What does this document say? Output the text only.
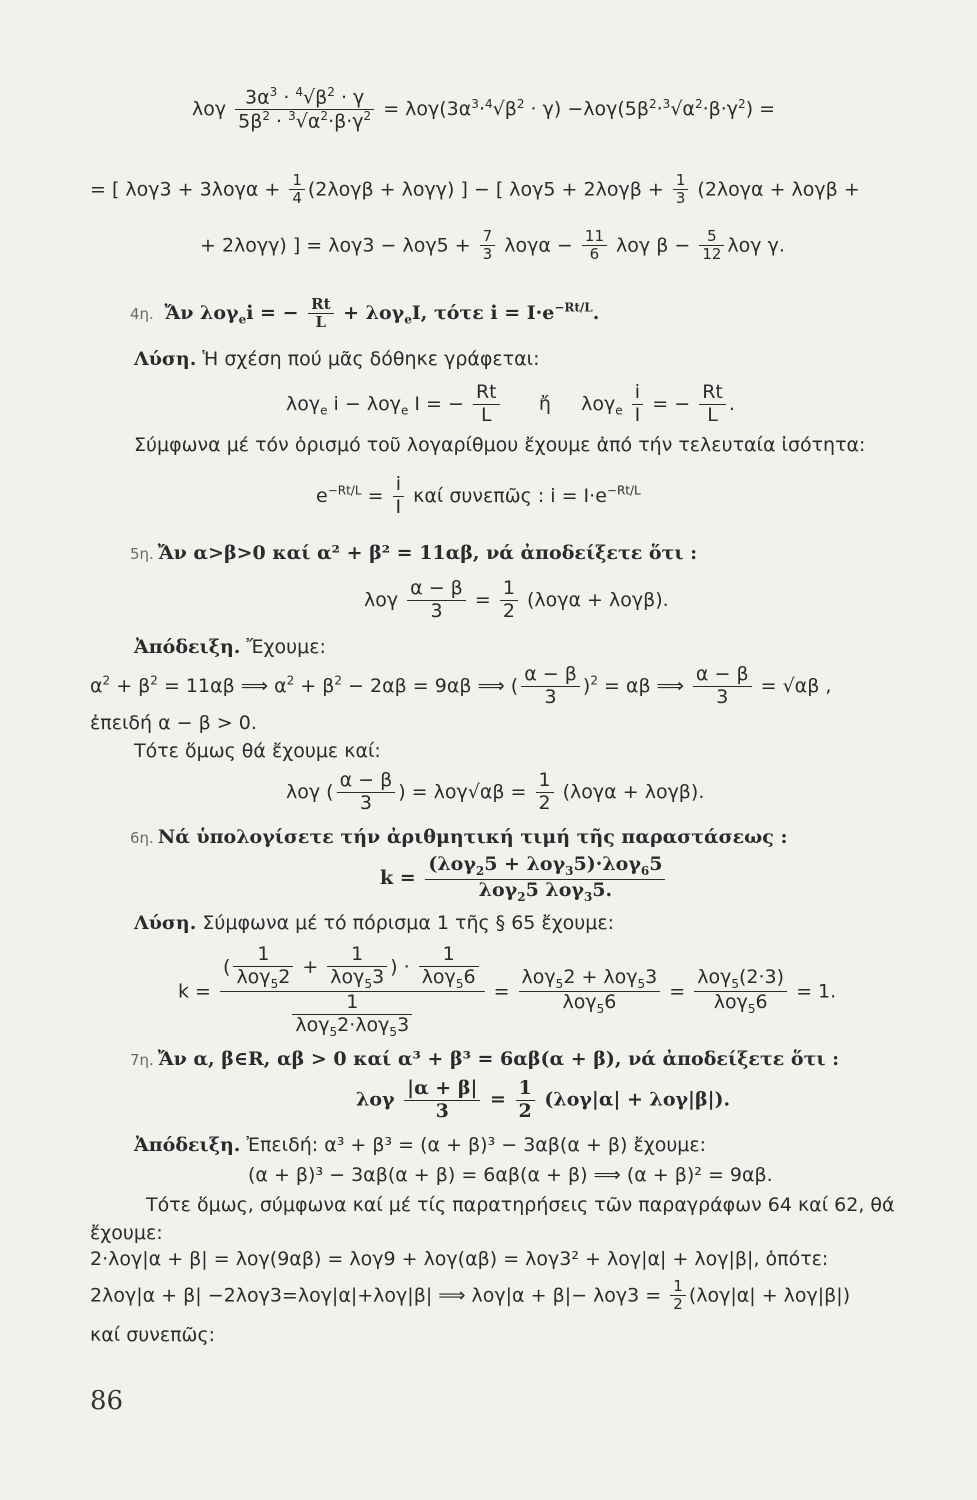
λογ $\frac{3\alpha^3 \cdot ^4√\beta^2 \cdot \gamma}{5\beta^2 \cdot ^3√\alpha^2\cdot\beta\cdot\gamma^2} = \lambda o\gamma(3\alpha^3\cdot^4√\beta^2 \cdot \gamma) -\lambda o\gamma(5\beta^2\cdot^3√\alpha^2\cdot\beta\cdot\gamma^2)$ =
= [ $\lambda o\gamma 3 + 3\lambda o\gamma\alpha + \frac{1}{4} (2\lambda o\gamma\beta + \lambda o\gamma\gamma)$ ] − [ $\lambda o\gamma 5 + 2\lambda o\gamma\beta + \frac{1}{3} (2\lambda o\gamma\alpha + \lambda o\gamma\beta$ +
+ 2λογγ) ] = $\lambda o\gamma 3 - \lambda o\gamma 5 + \frac{7}{3}$ $\lambda o\gamma\alpha - \frac{11}{6}$ λογ $\beta - \frac{5}{12}$ λογ γ.
4η. Ἄν λογ$_e$i = − $\frac{Rt}{L} + \lambda o\gamma_eI$, τότε $i = I\cdot e^{-Rt/L}$.
Λύση. Ἡ σχέση πού μᾶς δόθηκε γράφεται:
λογ$_e$ i − λογ$_e$ I = − $\frac{Rt}{L}$ ἤ     $\lambda o\gamma_e \frac{i}{I}$ = − $\frac{Rt}{L}$ .
Σύμφωνα μέ τόν ὁρισμό τοῦ λογαρίθμου ἔχουμε ἀπό τήν τελευταία ἰσότητα:
$e^{-Rt/L} = \frac{i}{I}$ καί συνεπῶς : $i = I\cdot e^{-Rt/L}$
5η. Ἄν α>β>0 καί α² + β² = 11αβ, νά ἀποδείξετε ὅτι :
λογ $\frac{\alpha - \beta}{3} = \frac{1}{2} (\lambda o\gamma\alpha + \lambda o\gamma\beta)$.
Ἀπόδειξη. Ἔχουμε:
$\alpha^2 + \beta^2 = 11\alpha\beta$ ⟹ $\alpha^2 + \beta^2 - 2\alpha\beta = 9\alpha\beta$ ⟹ ( $\frac{\alpha - \beta}{3} )^2 = \alpha\beta$ ⟹ $\frac{\alpha - \beta}{3} = √\alpha\beta$ ,
ἐπειδή α − β > 0.
Τότε ὅμως θά ἔχουμε καί:
λογ ( $\frac{\alpha - \beta}{3}$ ) = $\lambda o\gamma√\alpha\beta = \frac{1}{2} (\lambda o\gamma\alpha + \lambda o\gamma\beta)$.
6η. Νά ὑπολογίσετε τήν ἀριθμητική τιμή τῆς παραστάσεως :
$k = \frac{(\lambda o\gamma_25 + \lambda o\gamma_35)\cdot\lambda o\gamma_65}{\lambda o\gamma_25 \lambda o\gamma_35.}$
Λύση. Σύμφωνα μέ τό πόρισμα 1 τῆς § 65 ἔχουμε:
$k = \frac{( \frac{1}{\lambda o\gamma_52} + \frac{1}{\lambda o\gamma_53} ) \cdot \frac{1}{\lambda o\gamma_56}}{\frac{1}{\lambda o\gamma_52\cdot\lambda o\gamma_53}} = \frac{\lambda o\gamma_52 + \lambda o\gamma_53}{\lambda o\gamma_56} = \frac{\lambda o\gamma_5(2\cdot 3)}{\lambda o\gamma_56} = 1$.
7η. Ἄν α, β∈R, αβ > 0 καί α³ + β³ = 6αβ(α + β), νά ἀποδείξετε ὅτι :
λογ $\frac{|\alpha + \beta|}{3} = \frac{1}{2} (\lambda o\gamma|\alpha| + \lambda o\gamma|\beta|)$.
Ἀπόδειξη. Ἐπειδή: α³ + β³ = (α + β)³ − 3αβ(α + β) ἔχουμε:
(α + β)³ − 3αβ(α + β) = 6αβ(α + β) ⟹ (α + β)² = 9αβ.
Τότε ὅμως, σύμφωνα καί μέ τίς παρατηρήσεις τῶν παραγράφων 64 καί 62, θά
ἔχουμε:
2·λογ|α + β| = λογ(9αβ) = λογ9 + λογ(αβ) = λογ3² + λογ|α| + λογ|β|, ὁπότε:
2λογ|α + β| −2λογ3=λογ|α|+λογ|β| ⟹ $\lambda o\gamma|\alpha + \beta|- \lambda o\gamma 3 = \frac{1}{2} (\lambda o\gamma|\alpha| + \lambda o\gamma|\beta|)$
καί συνεπῶς:
86
